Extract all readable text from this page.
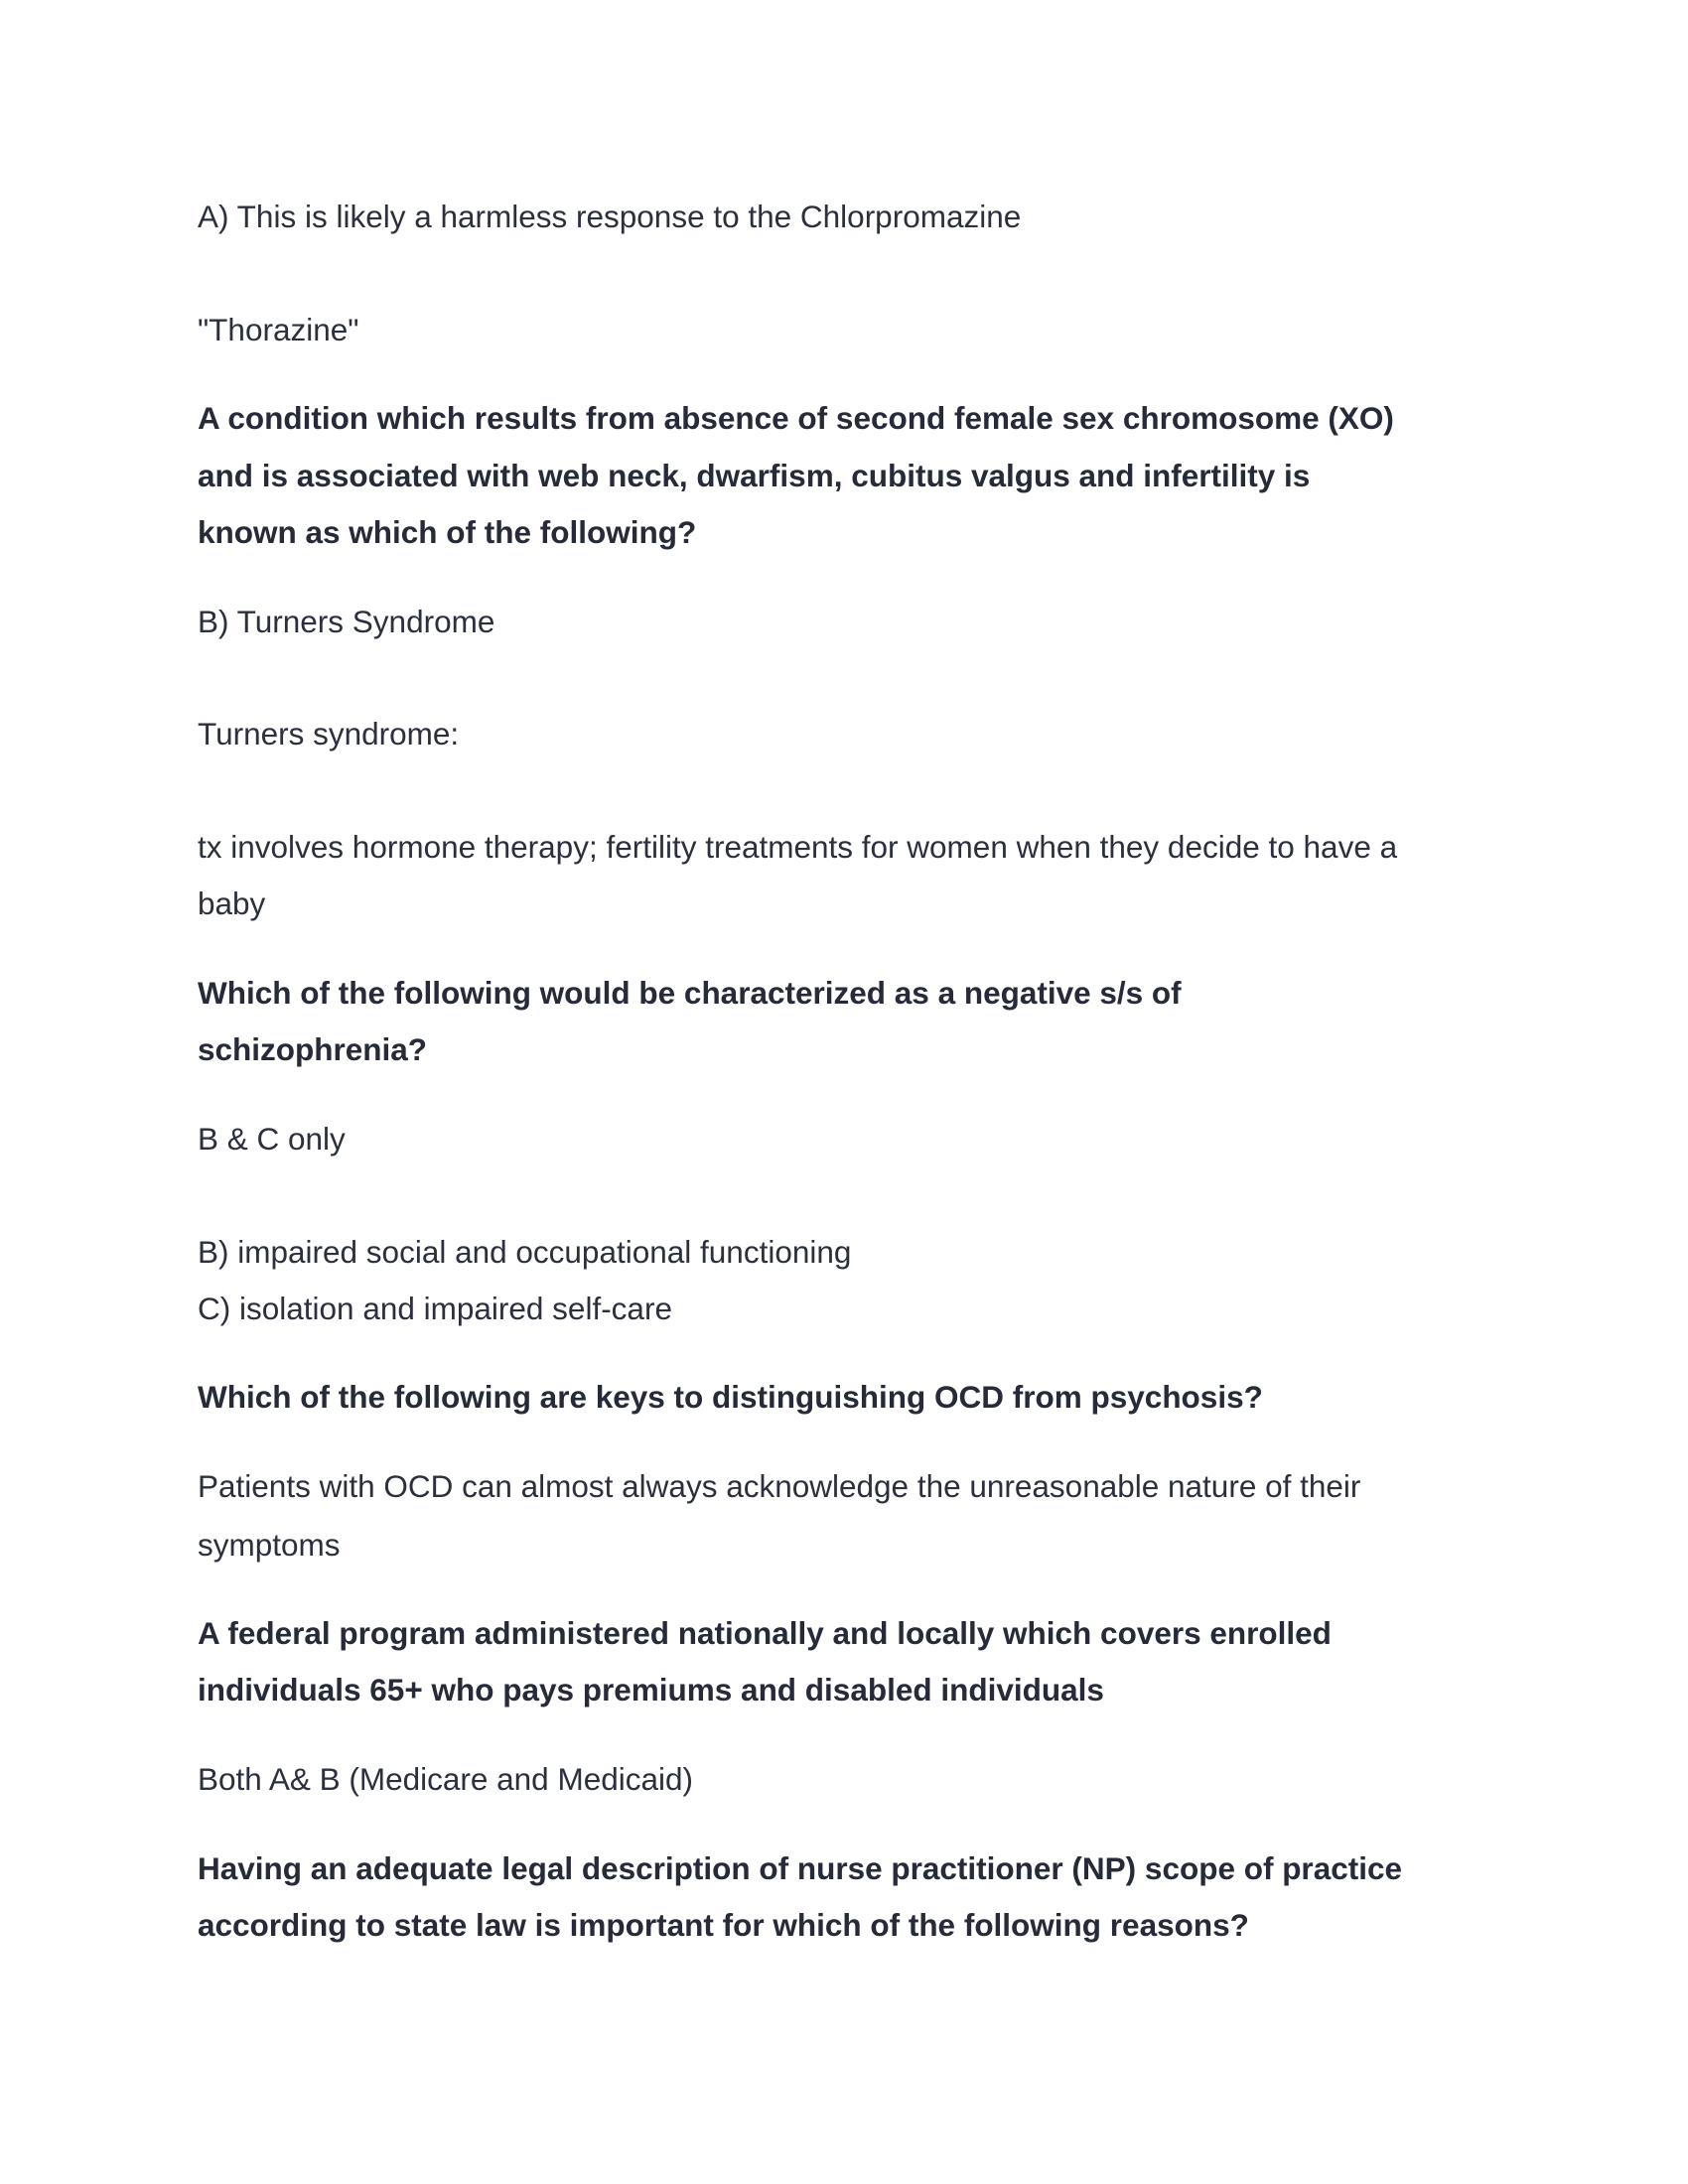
A) This is likely a harmless response to the Chlorpromazine
"Thorazine"
A condition which results from absence of second female sex chromosome (XO)
and is associated with web neck, dwarfism, cubitus valgus and infertility is
known as which of the following?
B) Turners Syndrome
Turners syndrome:
tx involves hormone therapy; fertility treatments for women when they decide to have a
baby
Which of the following would be characterized as a negative s/s of
schizophrenia?
B & C only
B) impaired social and occupational functioning
C) isolation and impaired self-care
Which of the following are keys to distinguishing OCD from psychosis?
Patients with OCD can almost always acknowledge the unreasonable nature of their
symptoms
A federal program administered nationally and locally which covers enrolled
individuals 65+ who pays premiums and disabled individuals
Both A& B (Medicare and Medicaid)
Having an adequate legal description of nurse practitioner (NP) scope of practice
according to state law is important for which of the following reasons?
